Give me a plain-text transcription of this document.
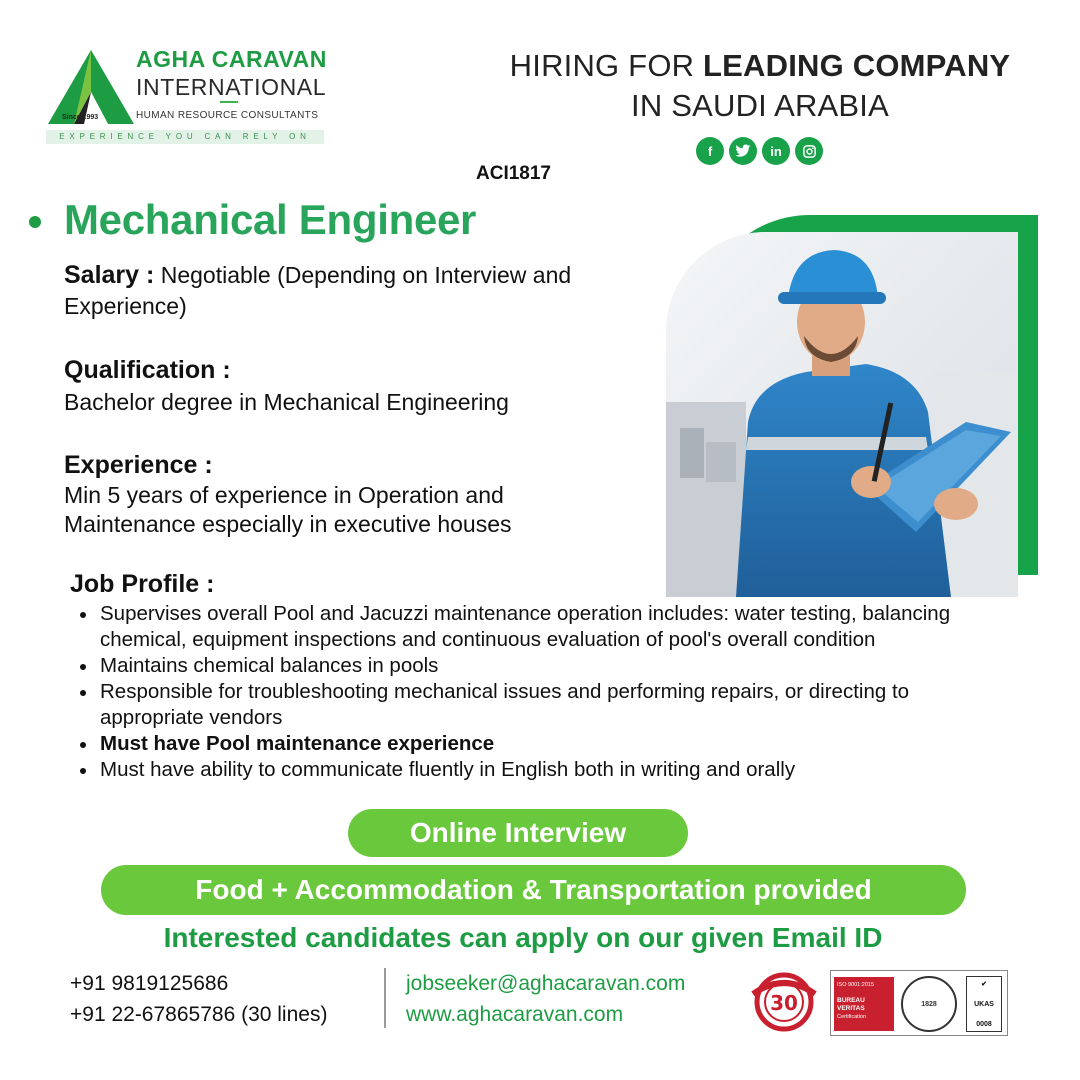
AGHA CARAVAN
INTERNATIONAL
HUMAN RESOURCE CONSULTANTS
Since 1993
EXPERIENCE YOU CAN RELY ON
HIRING FOR LEADING COMPANY
IN SAUDI ARABIA
f	in
ACI1817
Mechanical Engineer
Salary : Negotiable (Depending on Interview and Experience)
Qualification :
Bachelor degree in Mechanical Engineering
Experience :
Min 5 years of experience in Operation and Maintenance especially in executive houses
Job Profile :
Supervises overall Pool and Jacuzzi maintenance operation includes: water testing, balancing chemical, equipment inspections and continuous evaluation of pool's overall condition
Maintains chemical balances in pools
Responsible for troubleshooting mechanical issues and performing repairs, or directing to appropriate vendors
Must have Pool maintenance experience
Must have ability to communicate fluently in English both in writing and orally
Online Interview
Food + Accommodation & Transportation provided
Interested candidates can apply on our given Email ID
+91 9819125686
+91 22-67865786 (30 lines)
jobseeker@aghacaravan.com
www.aghacaravan.com	30
ISO 9001:2015
BUREAU VERITAS
Certification
1828
✔
UKAS
0008
